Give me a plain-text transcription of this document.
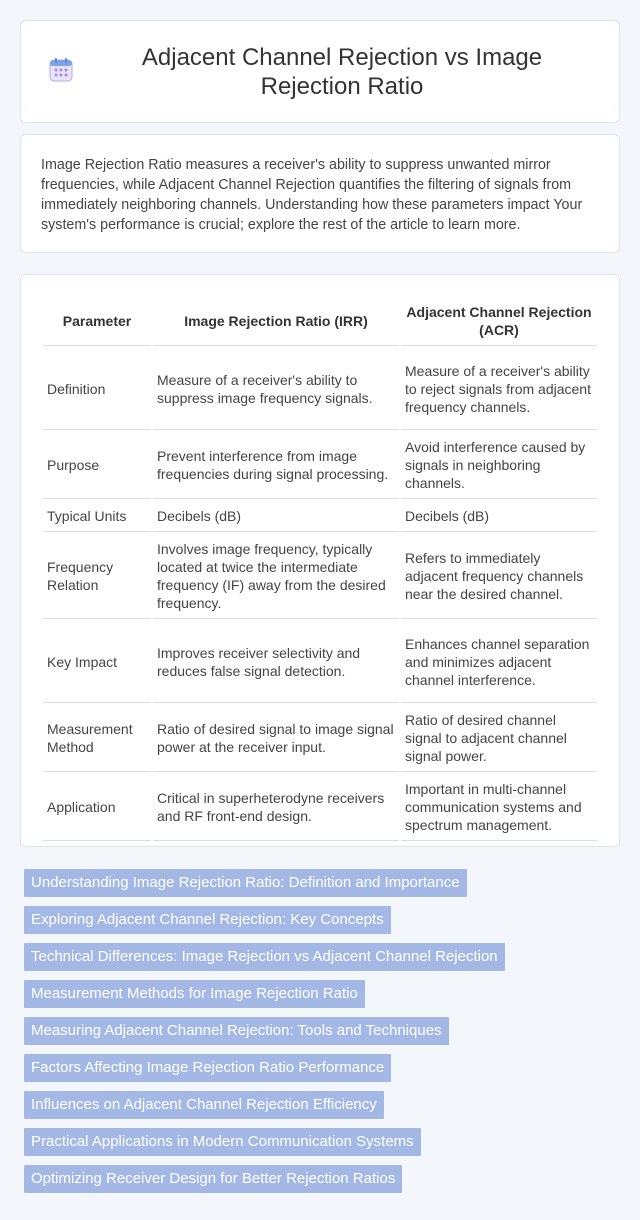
Adjacent Channel Rejection vs Image Rejection Ratio
Image Rejection Ratio measures a receiver's ability to suppress unwanted mirror frequencies, while Adjacent Channel Rejection quantifies the filtering of signals from immediately neighboring channels. Understanding how these parameters impact Your system's performance is crucial; explore the rest of the article to learn more.
Parameter	Image Rejection Ratio (IRR)	Adjacent Channel Rejection (ACR)
Definition	Measure of a receiver's ability to suppress image frequency signals.	Measure of a receiver's ability to reject signals from adjacent frequency channels.
Purpose	Prevent interference from image frequencies during signal processing.	Avoid interference caused by signals in neighboring channels.
Typical Units	Decibels (dB)	Decibels (dB)
Frequency Relation	Involves image frequency, typically located at twice the intermediate frequency (IF) away from the desired frequency.	Refers to immediately adjacent frequency channels near the desired channel.
Key Impact	Improves receiver selectivity and reduces false signal detection.	Enhances channel separation and minimizes adjacent channel interference.
Measurement Method	Ratio of desired signal to image signal power at the receiver input.	Ratio of desired channel signal to adjacent channel signal power.
Application	Critical in superheterodyne receivers and RF front-end design.	Important in multi-channel communication systems and spectrum management.
Understanding Image Rejection Ratio: Definition and Importance
Exploring Adjacent Channel Rejection: Key Concepts
Technical Differences: Image Rejection vs Adjacent Channel Rejection
Measurement Methods for Image Rejection Ratio
Measuring Adjacent Channel Rejection: Tools and Techniques
Factors Affecting Image Rejection Ratio Performance
Influences on Adjacent Channel Rejection Efficiency
Practical Applications in Modern Communication Systems
Optimizing Receiver Design for Better Rejection Ratios
